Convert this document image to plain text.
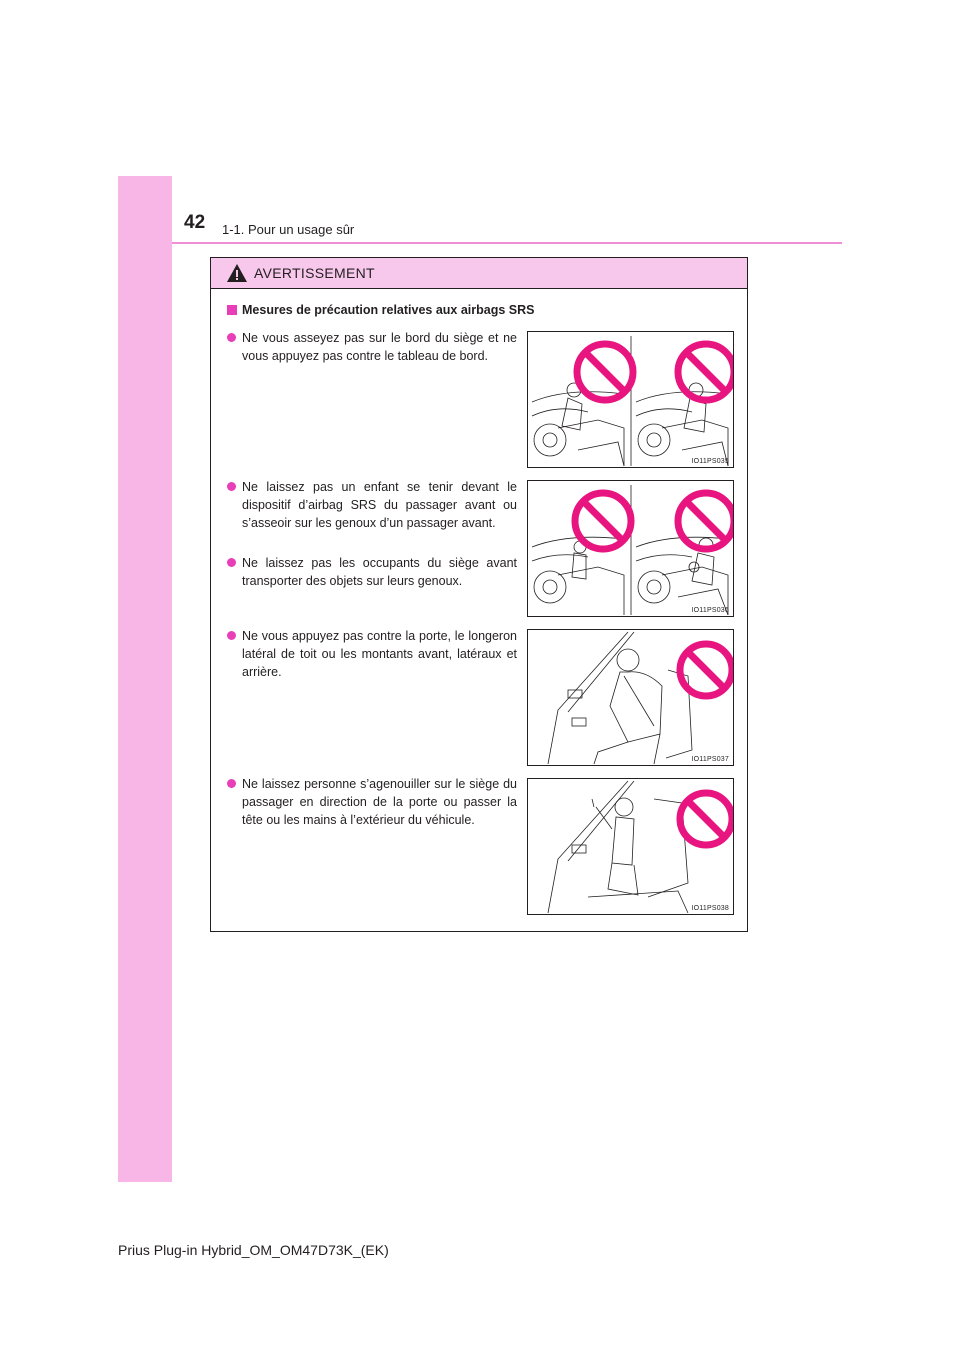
42 1-1. Pour un usage sûr
AVERTISSEMENT
Mesures de précaution relatives aux airbags SRS
Ne vous asseyez pas sur le bord du siège et ne vous appuyez pas contre le tableau de bord.
Ne laissez pas un enfant se tenir devant le dispositif d’airbag SRS du passager avant ou s’asseoir sur les genoux d’un passager avant.
Ne laissez pas les occupants du siège avant transporter des objets sur leurs genoux.
Ne vous appuyez pas contre la porte, le longeron latéral de toit ou les montants avant, latéraux et arrière.
Ne laissez personne s’agenouiller sur le siège du passager en direction de la porte ou passer la tête ou les mains à l’extérieur du véhicule.
IO11PS035
IO11PS036
IO11PS037
IO11PS038
Prius Plug-in Hybrid_OM_OM47D73K_(EK)
